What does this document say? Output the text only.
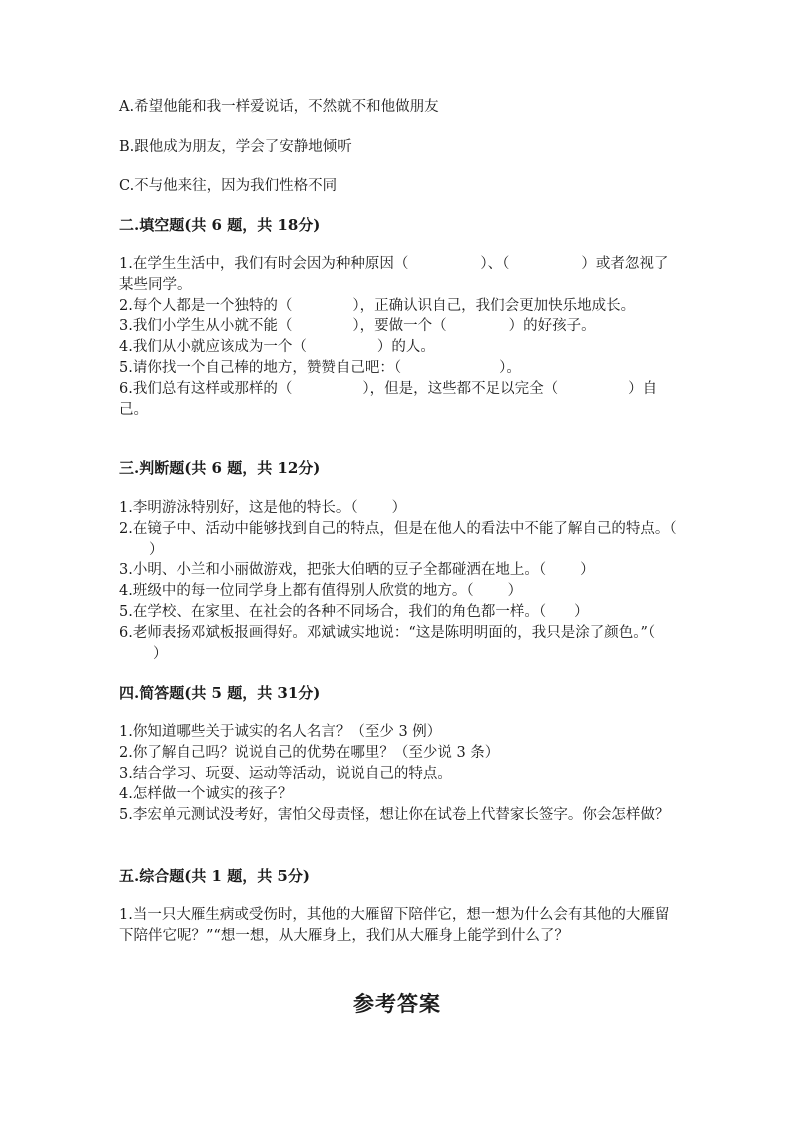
A.希望他能和我一样爱说话，不然就不和他做朋友
B.跟他成为朋友，学会了安静地倾听
C.不与他来往，因为我们性格不同
二.填空题(共 6 题，共 18分)

1.在学生生活中，我们有时会因为种种原因（	）、（	）或者忽视了某些同学。

2.每个人都是一个独特的（	），正确认识自己，我们会更加快乐地成长。

3.我们小学生从小就不能（	），要做一个（	）的好孩子。

4.我们从小就应该成为一个（	）的人。

5.请你找一个自己棒的地方，赞赞自己吧：（	）。

6.我们总有这样或那样的（	），但是，这些都不足以完全（	）自己。

三.判断题(共 6 题，共 12分)

1.李明游泳特别好，这是他的特长。（ ）

2.在镜子中、活动中能够找到自己的特点，但是在他人的看法中不能了解自己的特点。（）

3.小明、小兰和小丽做游戏，把张大伯晒的豆子全都碰洒在地上。（ ）

4.班级中的每一位同学身上都有值得别人欣赏的地方。（ ）

5.在学校、在家里、在社会的各种不同场合，我们的角色都一样。（ ）

6.老师表扬邓斌板报画得好。邓斌诚实地说：“这是陈明明面的，我只是涂了颜色。”（）

四.简答题(共 5 题，共 31分)

1.你知道哪些关于诚实的名人名言？（至少 3 例）

2.你了解自己吗？说说自己的优势在哪里？（至少说 3 条）

3.结合学习、玩耍、运动等活动，说说自己的特点。

4.怎样做一个诚实的孩子？

5.李宏单元测试没考好，害怕父母责怪，想让你在试卷上代替家长签字。你会怎样做？

五.综合题(共 1 题，共 5分)

1.当一只大雁生病或受伤时，其他的大雁留下陪伴它，想一想为什么会有其他的大雁留下陪伴它呢？”“想一想，从大雁身上，我们从大雁身上能学到什么了？

参考答案
